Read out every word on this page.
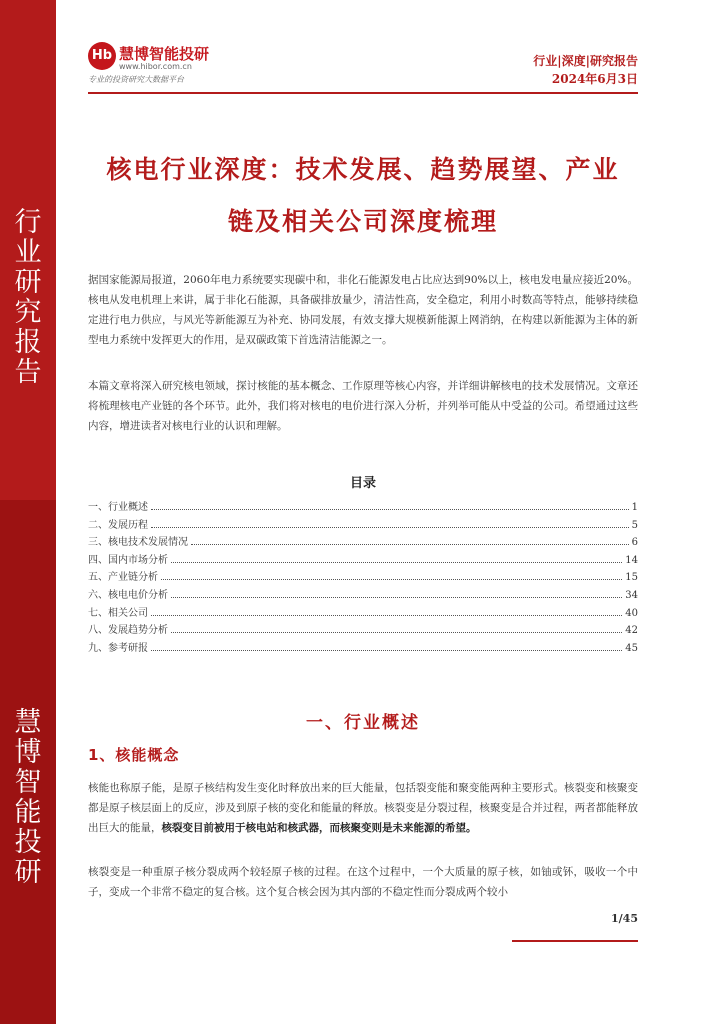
行业研究报告
慧博智能投研
Hb 慧博智能投研
www.hibor.com.cn
专业的投资研究大数据平台
行业|深度|研究报告
2024年6月3日
核电行业深度：技术发展、趋势展望、产业
链及相关公司深度梳理

据国家能源局报道，2060年电力系统要实现碳中和，非化石能源发电占比应达到90%以上，核电发电量应接近20%。核电从发电机理上来讲，属于非化石能源，具备碳排放量少，清洁性高，安全稳定，利用小时数高等特点，能够持续稳定进行电力供应，与风光等新能源互为补充、协同发展，有效支撑大规模新能源上网消纳，在构建以新能源为主体的新型电力系统中发挥更大的作用，是双碳政策下首选清洁能源之一。

本篇文章将深入研究核电领域，探讨核能的基本概念、工作原理等核心内容，并详细讲解核电的技术发展情况。文章还将梳理核电产业链的各个环节。此外，我们将对核电的电价进行深入分析，并列举可能从中受益的公司。希望通过这些内容，增进读者对核电行业的认识和理解。

目录
一、行业概述	1
二、发展历程	5
三、核电技术发展情况	6
四、国内市场分析	14
五、产业链分析	15
六、核电电价分析	34
七、相关公司	40
八、发展趋势分析	42
九、参考研报	45
一、行业概述
1、核能概念

核能也称原子能，是原子核结构发生变化时释放出来的巨大能量，包括裂变能和聚变能两种主要形式。核裂变和核聚变都是原子核层面上的反应，涉及到原子核的变化和能量的释放。核裂变是分裂过程，核聚变是合并过程，两者都能释放出巨大的能量，核裂变目前被用于核电站和核武器，而核聚变则是未来能源的希望。

核裂变是一种重原子核分裂成两个较轻原子核的过程。在这个过程中，一个大质量的原子核，如铀或钚，吸收一个中子，变成一个非常不稳定的复合核。这个复合核会因为其内部的不稳定性而分裂成两个较小

1/45
